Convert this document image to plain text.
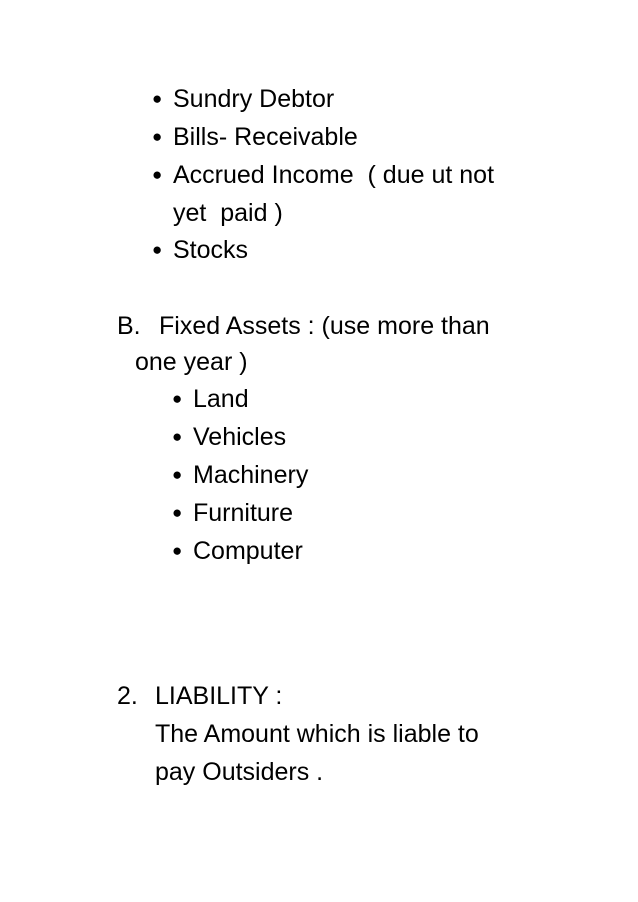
● Sundry Debtor
● Bills- Receivable
● Accrued Income  ( due ut not
yet  paid )
● Stocks
B. Fixed Assets : (use more than
one year )
● Land
● Vehicles
● Machinery
● Furniture
● Computer
2. LIABILITY :
The Amount which is liable to
pay Outsiders .
